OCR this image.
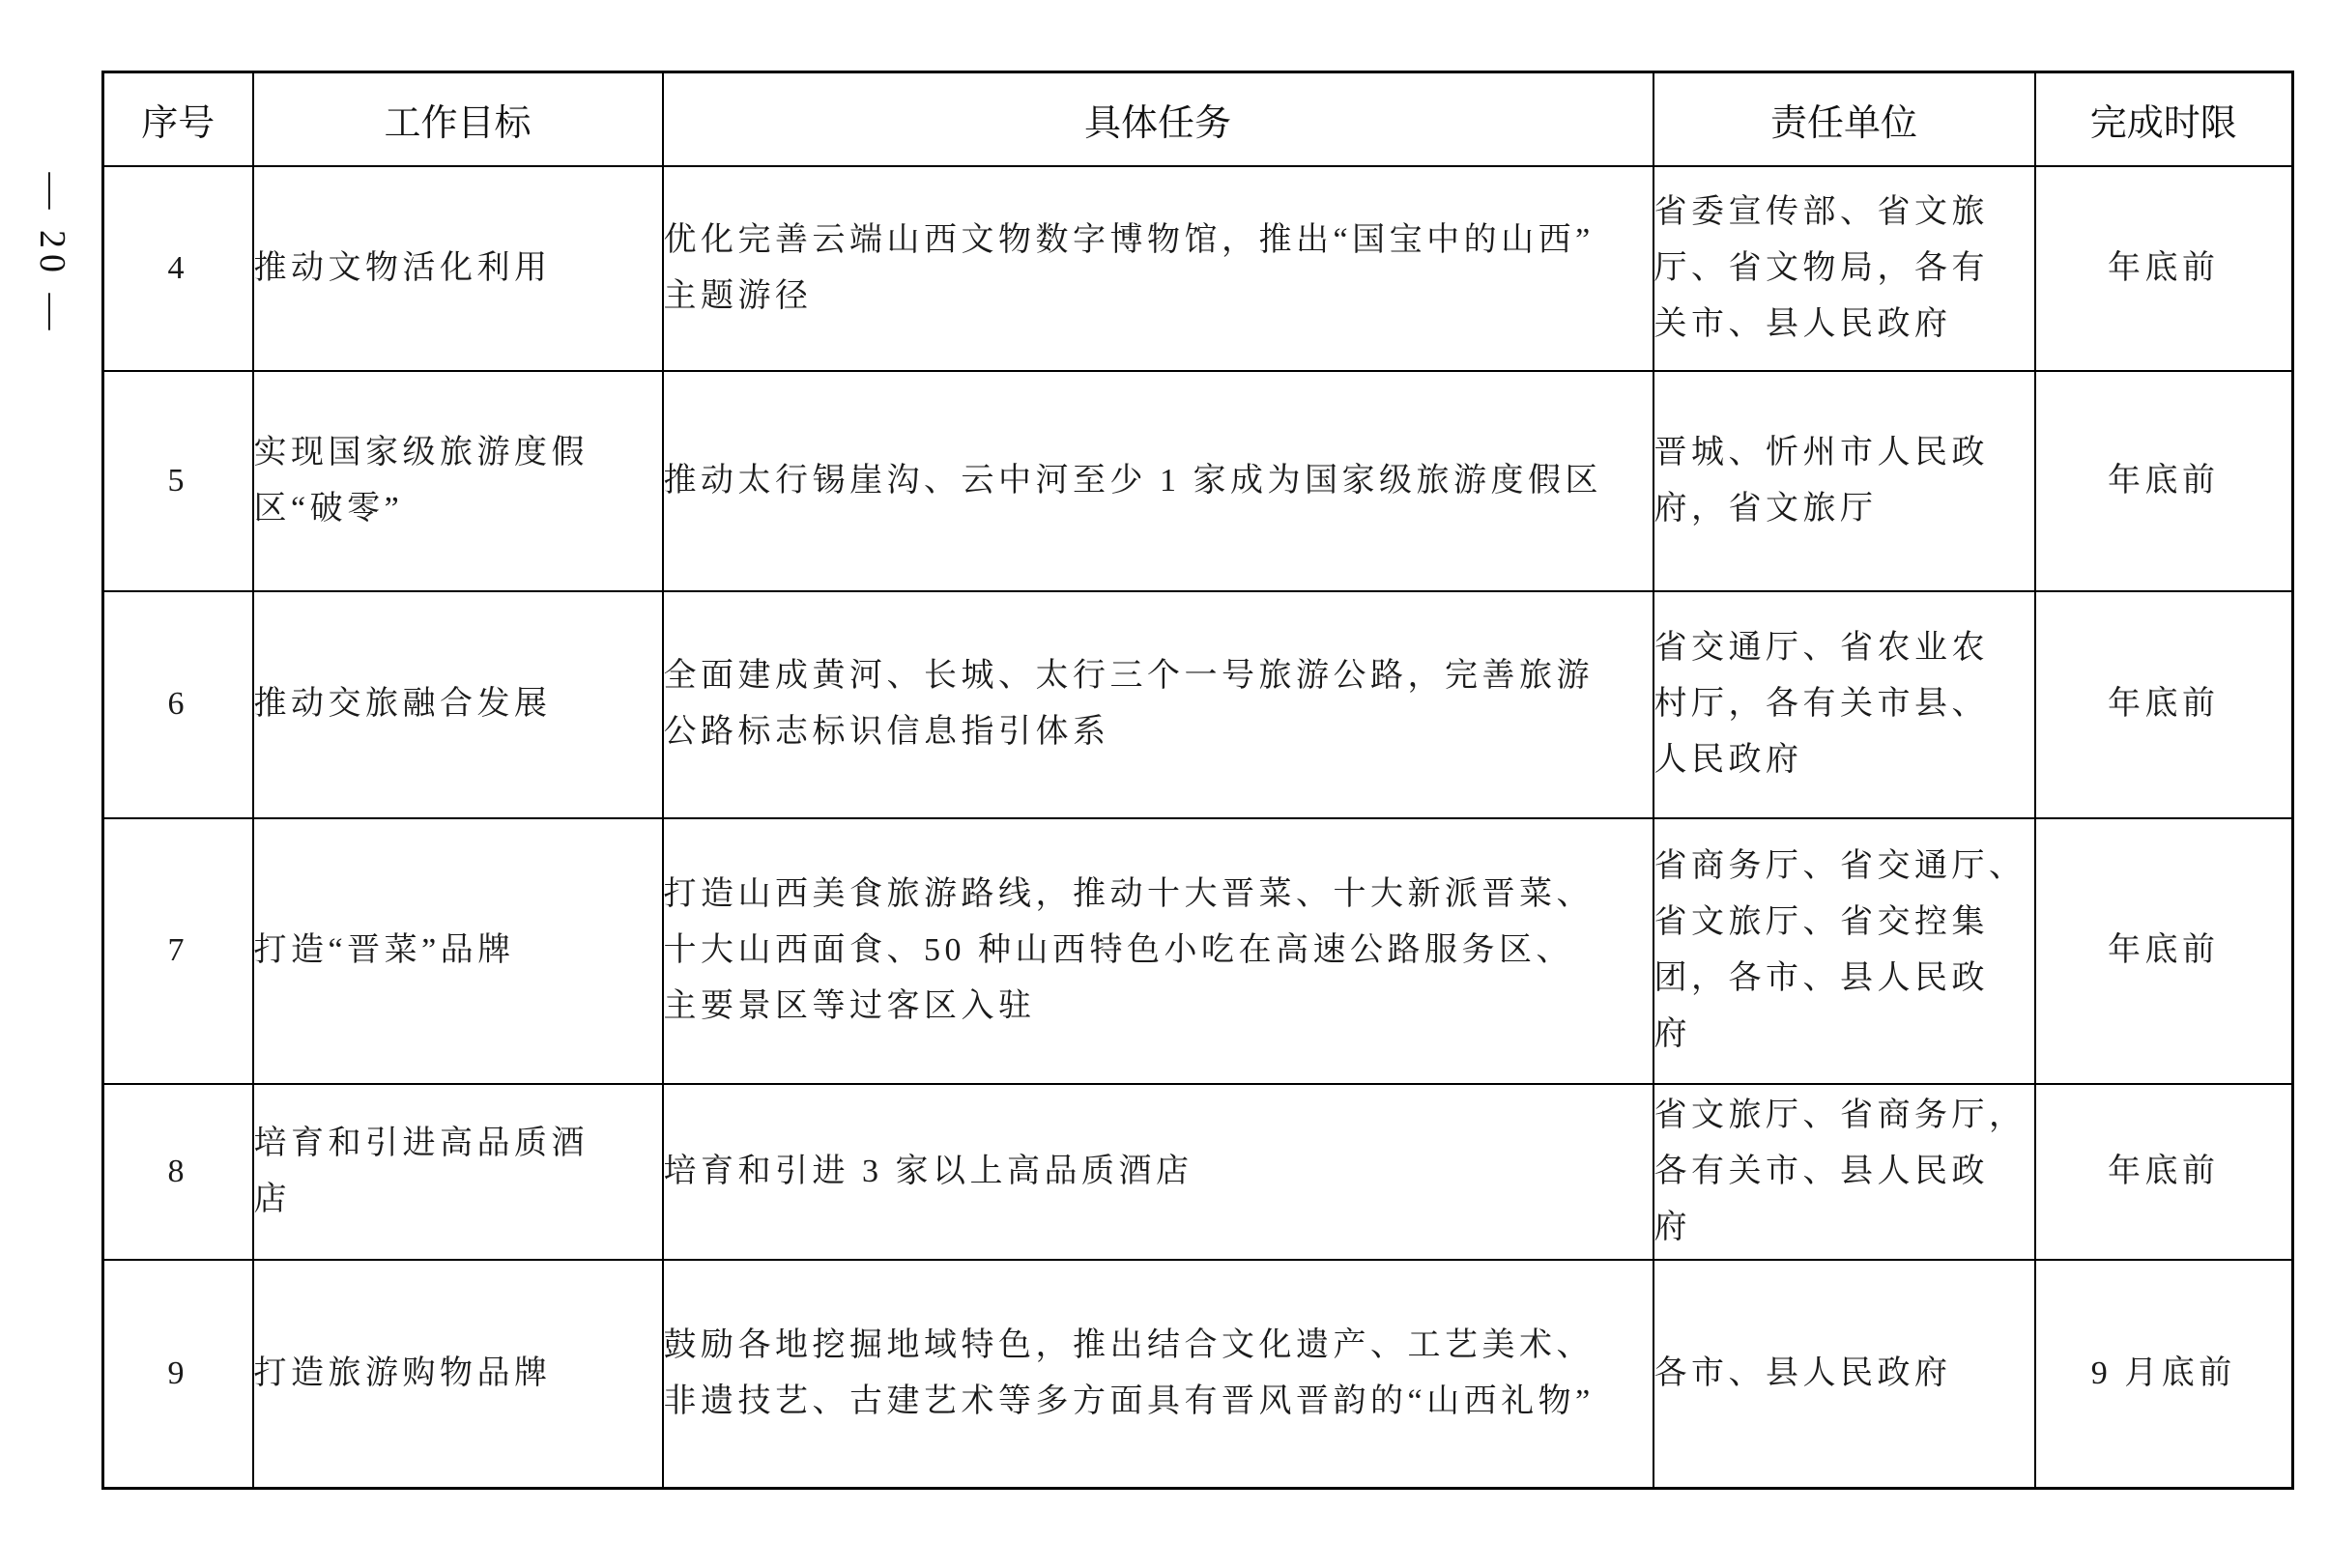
— 20 —
序号	工作目标	具体任务	责任单位	完成时限
4	推动文物活化利用	优化完善云端山西文物数字博物馆，推出“国宝中的山西”
主题游径	省委宣传部、省文旅
厅、省文物局，各有
关市、县人民政府	年底前
5	实现国家级旅游度假
区“破零”	推动太行锡崖沟、云中河至少 1 家成为国家级旅游度假区	晋城、忻州市人民政
府，省文旅厅	年底前
6	推动交旅融合发展	全面建成黄河、长城、太行三个一号旅游公路，完善旅游
公路标志标识信息指引体系	省交通厅、省农业农
村厅，各有关市县、
人民政府	年底前
7	打造“晋菜”品牌	打造山西美食旅游路线，推动十大晋菜、十大新派晋菜、
十大山西面食、50 种山西特色小吃在高速公路服务区、
主要景区等过客区入驻	省商务厅、省交通厅、
省文旅厅、省交控集
团，各市、县人民政
府	年底前
8	培育和引进高品质酒
店	培育和引进 3 家以上高品质酒店	省文旅厅、省商务厅，
各有关市、县人民政
府	年底前
9	打造旅游购物品牌	鼓励各地挖掘地域特色，推出结合文化遗产、工艺美术、
非遗技艺、古建艺术等多方面具有晋风晋韵的“山西礼物”	各市、县人民政府	9 月底前
